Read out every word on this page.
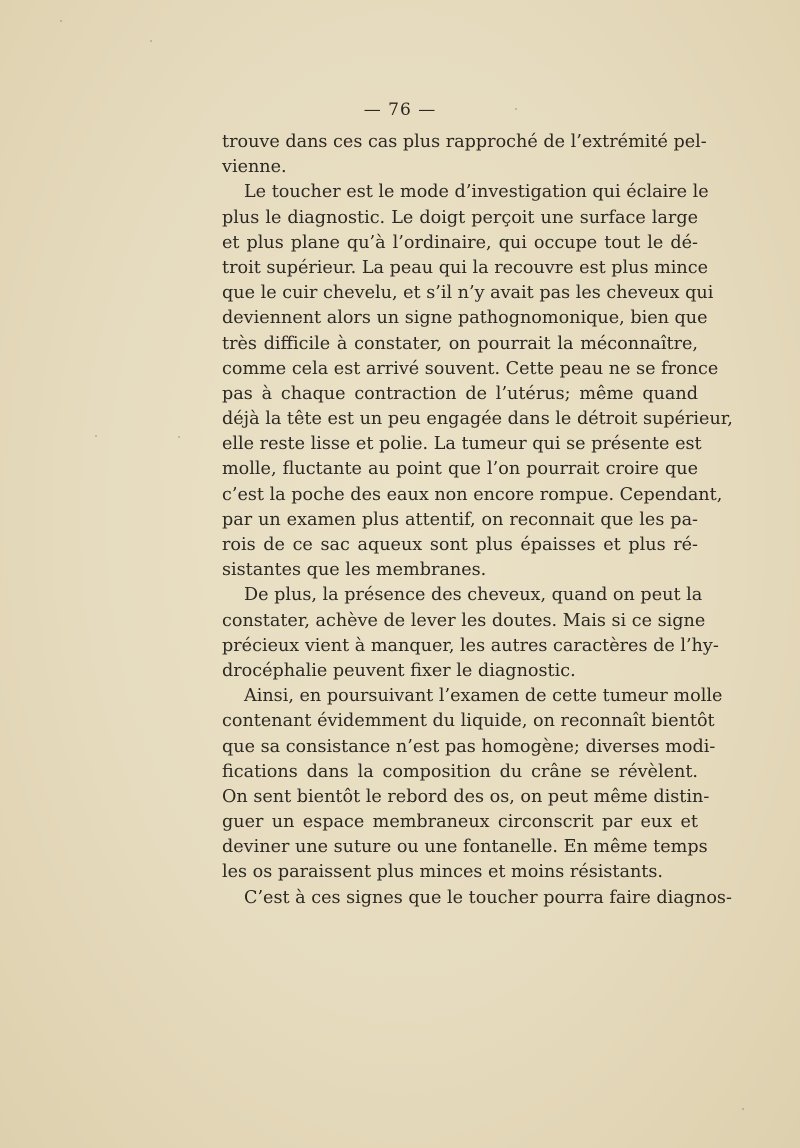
— 76 —
trouve dans ces cas plus rapproché de l’extrémité pel-
vienne.
Le toucher est le mode d’investigation qui éclaire le
plus le diagnostic. Le doigt perçoit une surface large
et plus plane qu’à l’ordinaire, qui occupe tout le dé-
troit supérieur. La peau qui la recouvre est plus mince
que le cuir chevelu, et s’il n’y avait pas les cheveux qui
deviennent alors un signe pathognomonique, bien que
très difficile à constater, on pourrait la méconnaître,
comme cela est arrivé souvent. Cette peau ne se fronce
pas à chaque contraction de l’utérus; même quand
déjà la tête est un peu engagée dans le détroit supérieur,
elle reste lisse et polie. La tumeur qui se présente est
molle, fluctante au point que l’on pourrait croire que
c’est la poche des eaux non encore rompue. Cependant,
par un examen plus attentif, on reconnait que les pa-
rois de ce sac aqueux sont plus épaisses et plus ré-
sistantes que les membranes.
De plus, la présence des cheveux, quand on peut la
constater, achève de lever les doutes. Mais si ce signe
précieux vient à manquer, les autres caractères de l’hy-
drocéphalie peuvent fixer le diagnostic.
Ainsi, en poursuivant l’examen de cette tumeur molle
contenant évidemment du liquide, on reconnaît bientôt
que sa consistance n’est pas homogène; diverses modi-
fications dans la composition du crâne se révèlent.
On sent bientôt le rebord des os, on peut même distin-
guer un espace membraneux circonscrit par eux et
deviner une suture ou une fontanelle. En même temps
les os paraissent plus minces et moins résistants.
C’est à ces signes que le toucher pourra faire diagnos-
